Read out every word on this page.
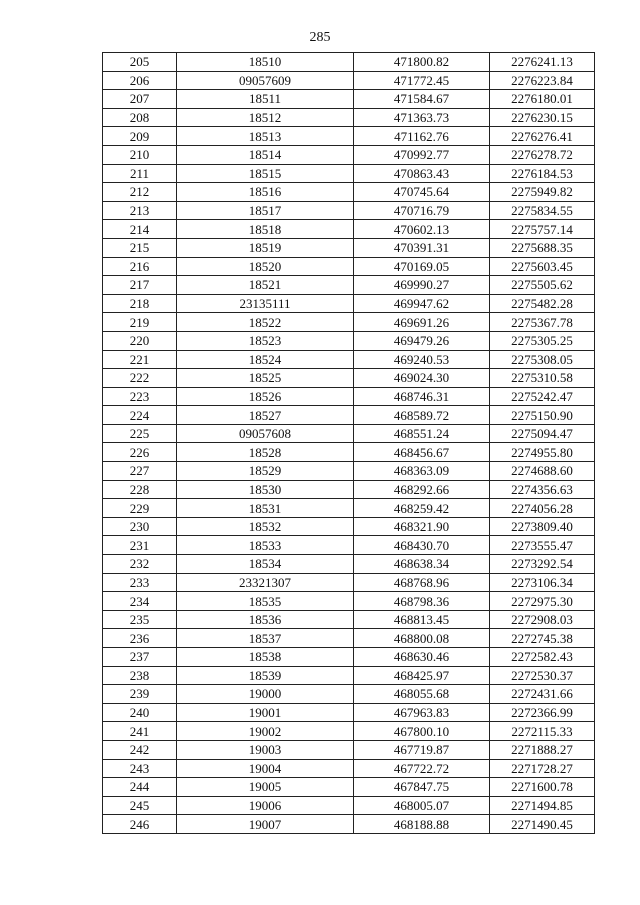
285
205	18510	471800.82	2276241.13
206	09057609	471772.45	2276223.84
207	18511	471584.67	2276180.01
208	18512	471363.73	2276230.15
209	18513	471162.76	2276276.41
210	18514	470992.77	2276278.72
211	18515	470863.43	2276184.53
212	18516	470745.64	2275949.82
213	18517	470716.79	2275834.55
214	18518	470602.13	2275757.14
215	18519	470391.31	2275688.35
216	18520	470169.05	2275603.45
217	18521	469990.27	2275505.62
218	23135111	469947.62	2275482.28
219	18522	469691.26	2275367.78
220	18523	469479.26	2275305.25
221	18524	469240.53	2275308.05
222	18525	469024.30	2275310.58
223	18526	468746.31	2275242.47
224	18527	468589.72	2275150.90
225	09057608	468551.24	2275094.47
226	18528	468456.67	2274955.80
227	18529	468363.09	2274688.60
228	18530	468292.66	2274356.63
229	18531	468259.42	2274056.28
230	18532	468321.90	2273809.40
231	18533	468430.70	2273555.47
232	18534	468638.34	2273292.54
233	23321307	468768.96	2273106.34
234	18535	468798.36	2272975.30
235	18536	468813.45	2272908.03
236	18537	468800.08	2272745.38
237	18538	468630.46	2272582.43
238	18539	468425.97	2272530.37
239	19000	468055.68	2272431.66
240	19001	467963.83	2272366.99
241	19002	467800.10	2272115.33
242	19003	467719.87	2271888.27
243	19004	467722.72	2271728.27
244	19005	467847.75	2271600.78
245	19006	468005.07	2271494.85
246	19007	468188.88	2271490.45
